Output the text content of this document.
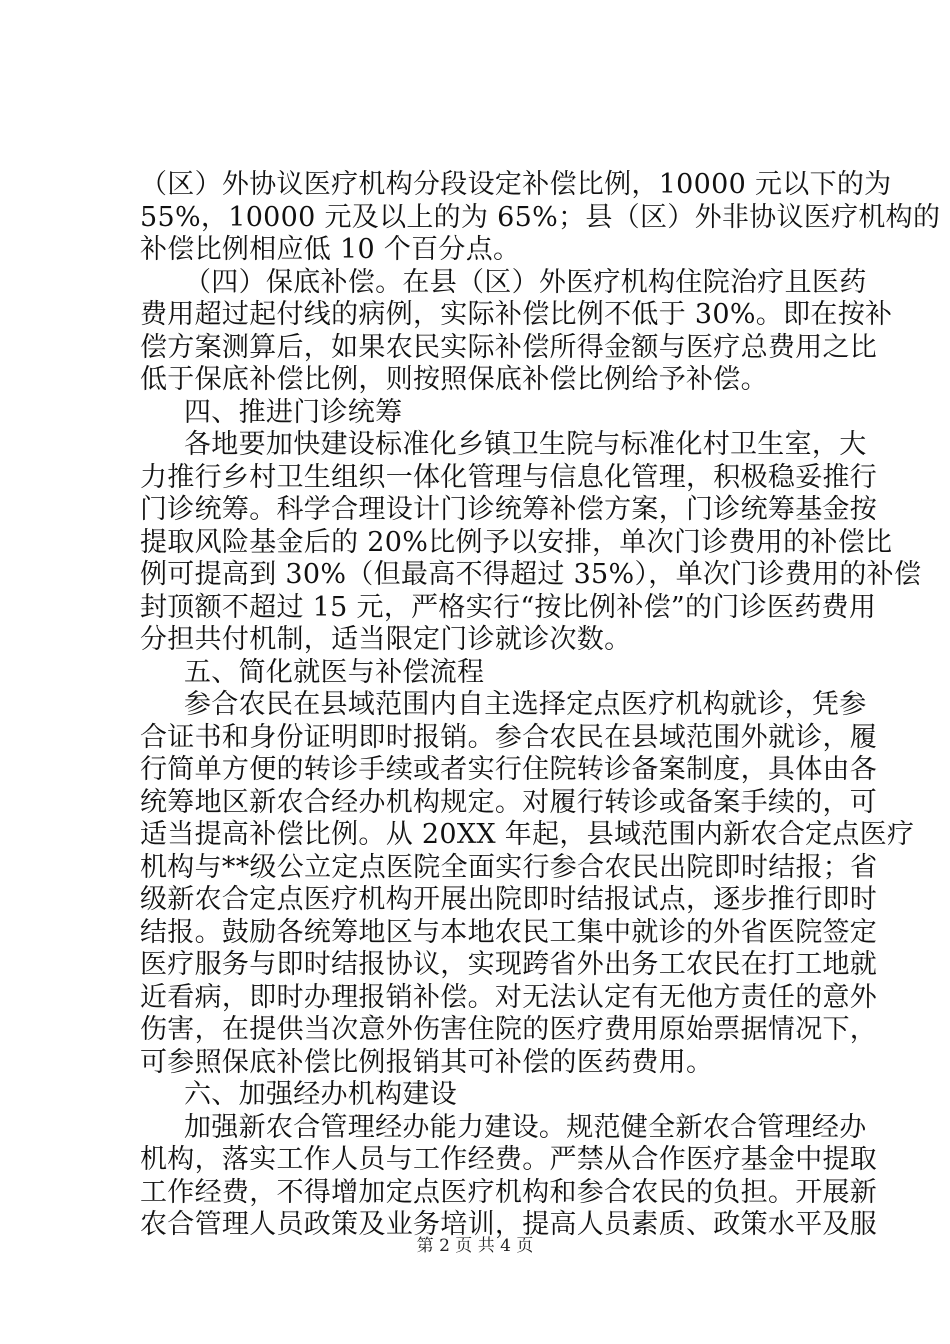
（区）外协议医疗机构分段设定补偿比例，10000 元以下的为
55%，10000 元及以上的为 65%；县（区）外非协议医疗机构的
补偿比例相应低 10 个百分点。
（四）保底补偿。在县（区）外医疗机构住院治疗且医药
费用超过起付线的病例，实际补偿比例不低于 30%。即在按补
偿方案测算后，如果农民实际补偿所得金额与医疗总费用之比
低于保底补偿比例，则按照保底补偿比例给予补偿。
四、推进门诊统筹
各地要加快建设标准化乡镇卫生院与标准化村卫生室，大
力推行乡村卫生组织一体化管理与信息化管理，积极稳妥推行
门诊统筹。科学合理设计门诊统筹补偿方案，门诊统筹基金按
提取风险基金后的 20%比例予以安排，单次门诊费用的补偿比
例可提高到 30%（但最高不得超过 35%），单次门诊费用的补偿
封顶额不超过 15 元，严格实行“按比例补偿”的门诊医药费用
分担共付机制，适当限定门诊就诊次数。
五、简化就医与补偿流程
参合农民在县域范围内自主选择定点医疗机构就诊，凭参
合证书和身份证明即时报销。参合农民在县域范围外就诊，履
行简单方便的转诊手续或者实行住院转诊备案制度，具体由各
统筹地区新农合经办机构规定。对履行转诊或备案手续的，可
适当提高补偿比例。从 20XX 年起，县域范围内新农合定点医疗
机构与**级公立定点医院全面实行参合农民出院即时结报；省
级新农合定点医疗机构开展出院即时结报试点，逐步推行即时
结报。鼓励各统筹地区与本地农民工集中就诊的外省医院签定
医疗服务与即时结报协议，实现跨省外出务工农民在打工地就
近看病，即时办理报销补偿。对无法认定有无他方责任的意外
伤害，在提供当次意外伤害住院的医疗费用原始票据情况下，
可参照保底补偿比例报销其可补偿的医药费用。
六、加强经办机构建设
加强新农合管理经办能力建设。规范健全新农合管理经办
机构，落实工作人员与工作经费。严禁从合作医疗基金中提取
工作经费，不得增加定点医疗机构和参合农民的负担。开展新
农合管理人员政策及业务培训，提高人员素质、政策水平及服
第 2 页 共 4 页
